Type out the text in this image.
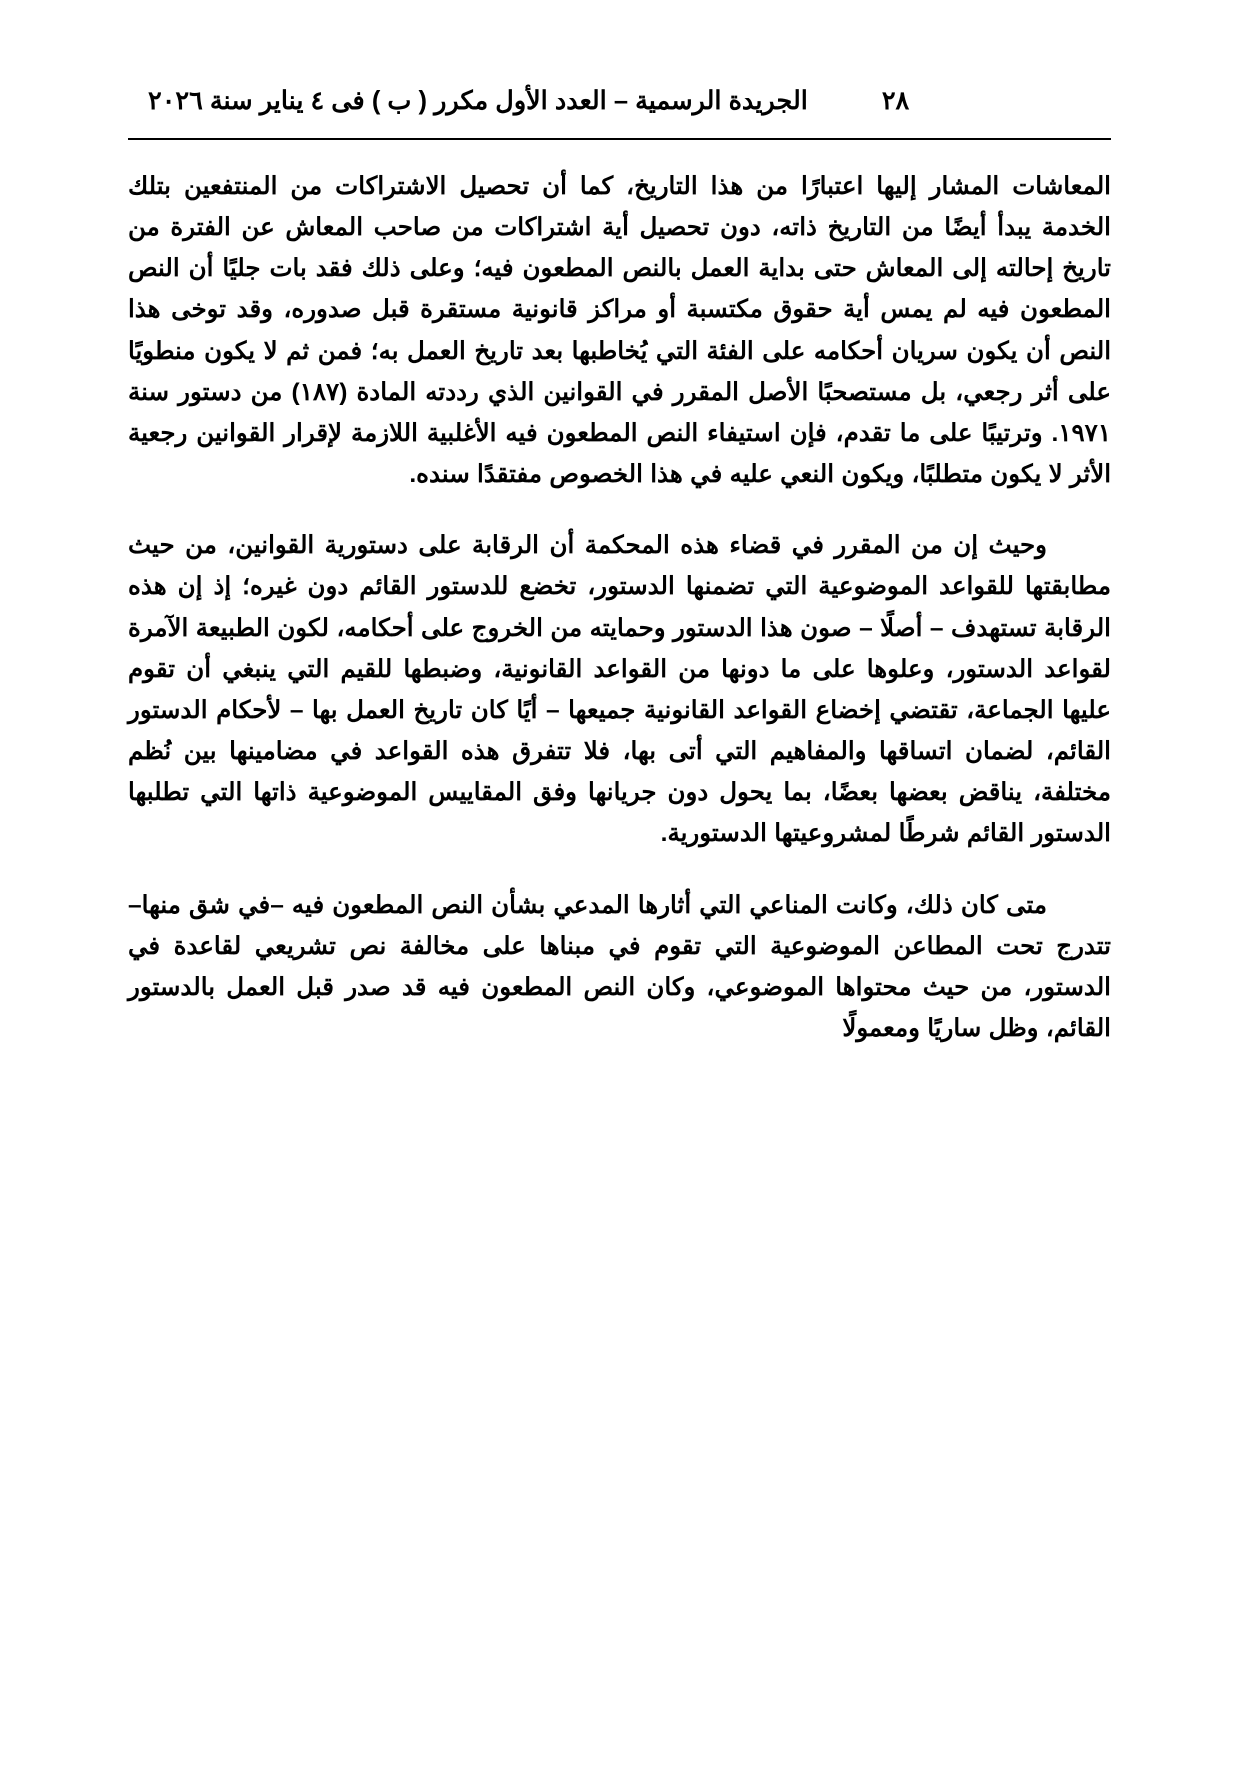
٢٨
الجريدة الرسمية – العدد الأول مكرر ( ب ) فى ٤ يناير سنة ٢٠٢٦

المعاشات المشار إليها اعتبارًا من هذا التاريخ، كما أن تحصيل الاشتراكات من المنتفعين بتلك الخدمة يبدأ أيضًا من التاريخ ذاته، دون تحصيل أية اشتراكات من صاحب المعاش عن الفترة من تاريخ إحالته إلى المعاش حتى بداية العمل بالنص المطعون فيه؛ وعلى ذلك فقد بات جليًا أن النص المطعون فيه لم يمس أية حقوق مكتسبة أو مراكز قانونية مستقرة قبل صدوره، وقد توخى هذا النص أن يكون سريان أحكامه على الفئة التي يُخاطبها بعد تاريخ العمل به؛ فمن ثم لا يكون منطويًا على أثر رجعي، بل مستصحبًا الأصل المقرر في القوانين الذي رددته المادة (١٨٧) من دستور سنة ١٩٧١. وترتيبًا على ما تقدم، فإن استيفاء النص المطعون فيه الأغلبية اللازمة لإقرار القوانين رجعية الأثر لا يكون متطلبًا، ويكون النعي عليه في هذا الخصوص مفتقدًا سنده.

وحيث إن من المقرر في قضاء هذه المحكمة أن الرقابة على دستورية القوانين، من حيث مطابقتها للقواعد الموضوعية التي تضمنها الدستور، تخضع للدستور القائم دون غيره؛ إذ إن هذه الرقابة تستهدف – أصلًا – صون هذا الدستور وحمايته من الخروج على أحكامه، لكون الطبيعة الآمرة لقواعد الدستور، وعلوها على ما دونها من القواعد القانونية، وضبطها للقيم التي ينبغي أن تقوم عليها الجماعة، تقتضي إخضاع القواعد القانونية جميعها – أيًا كان تاريخ العمل بها – لأحكام الدستور القائم، لضمان اتساقها والمفاهيم التي أتى بها، فلا تتفرق هذه القواعد في مضامينها بين نُظم مختلفة، يناقض بعضها بعضًا، بما يحول دون جريانها وفق المقاييس الموضوعية ذاتها التي تطلبها الدستور القائم شرطًا لمشروعيتها الدستورية.

متى كان ذلك، وكانت المناعي التي أثارها المدعي بشأن النص المطعون فيه –في شق منها– تتدرج تحت المطاعن الموضوعية التي تقوم في مبناها على مخالفة نص تشريعي لقاعدة في الدستور، من حيث محتواها الموضوعي، وكان النص المطعون فيه قد صدر قبل العمل بالدستور القائم، وظل ساريًا ومعمولًا
